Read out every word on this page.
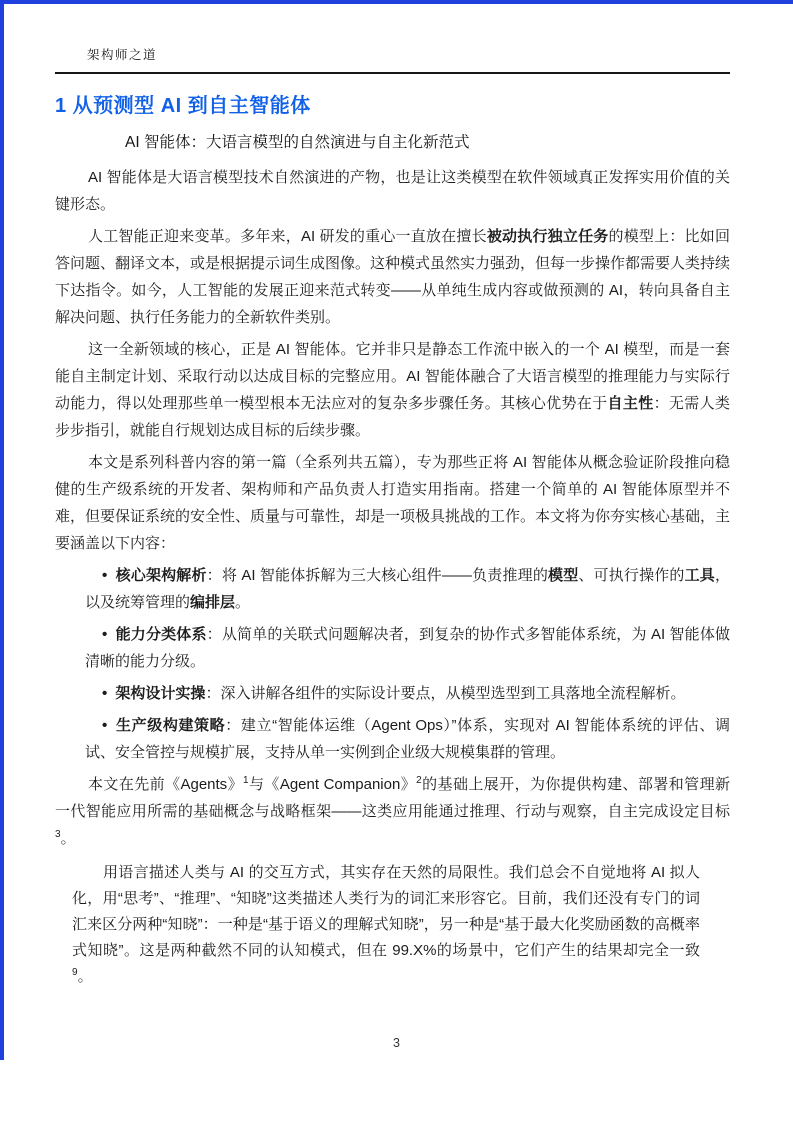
架构师之道
1 从预测型 AI 到自主智能体
AI 智能体：大语言模型的自然演进与自主化新范式

AI 智能体是大语言模型技术自然演进的产物，也是让这类模型在软件领域真正发挥实用价值的关键形态。

人工智能正迎来变革。多年来，AI 研发的重心一直放在擅长被动执行独立任务的模型上：比如回答问题、翻译文本，或是根据提示词生成图像。这种模式虽然实力强劲，但每一步操作都需要人类持续下达指令。如今，人工智能的发展正迎来范式转变——从单纯生成内容或做预测的 AI，转向具备自主解决问题、执行任务能力的全新软件类别。

这一全新领域的核心，正是 AI 智能体。它并非只是静态工作流中嵌入的一个 AI 模型，而是一套能自主制定计划、采取行动以达成目标的完整应用。AI 智能体融合了大语言模型的推理能力与实际行动能力，得以处理那些单一模型根本无法应对的复杂多步骤任务。其核心优势在于自主性：无需人类步步指引，就能自行规划达成目标的后续步骤。

本文是系列科普内容的第一篇（全系列共五篇），专为那些正将 AI 智能体从概念验证阶段推向稳健的生产级系统的开发者、架构师和产品负责人打造实用指南。搭建一个简单的 AI 智能体原型并不难，但要保证系统的安全性、质量与可靠性，却是一项极具挑战的工作。本文将为你夯实核心基础，主要涵盖以下内容：

• 核心架构解析：将 AI 智能体拆解为三大核心组件——负责推理的模型、可执行操作的工具，以及统筹管理的编排层。

• 能力分类体系：从简单的关联式问题解决者，到复杂的协作式多智能体系统，为 AI 智能体做清晰的能力分级。

• 架构设计实操：深入讲解各组件的实际设计要点，从模型选型到工具落地全流程解析。

• 生产级构建策略：建立“智能体运维（Agent Ops）”体系，实现对 AI 智能体系统的评估、调试、安全管控与规模扩展，支持从单一实例到企业级大规模集群的管理。

本文在先前《Agents》$^1$与《Agent Companion》$^2$的基础上展开，为你提供构建、部署和管理新一代智能应用所需的基础概念与战略框架——这类应用能通过推理、行动与观察，自主完成设定目标$^3$。

用语言描述人类与 AI 的交互方式，其实存在天然的局限性。我们总会不自觉地将 AI 拟人化，用“思考”、“推理”、“知晓”这类描述人类行为的词汇来形容它。目前，我们还没有专门的词汇来区分两种“知晓”：一种是“基于语义的理解式知晓”，另一种是“基于最大化奖励函数的高概率式知晓”。这是两种截然不同的认知模式，但在 99.X%的场景中，它们产生的结果却完全一致$^9$。
3
